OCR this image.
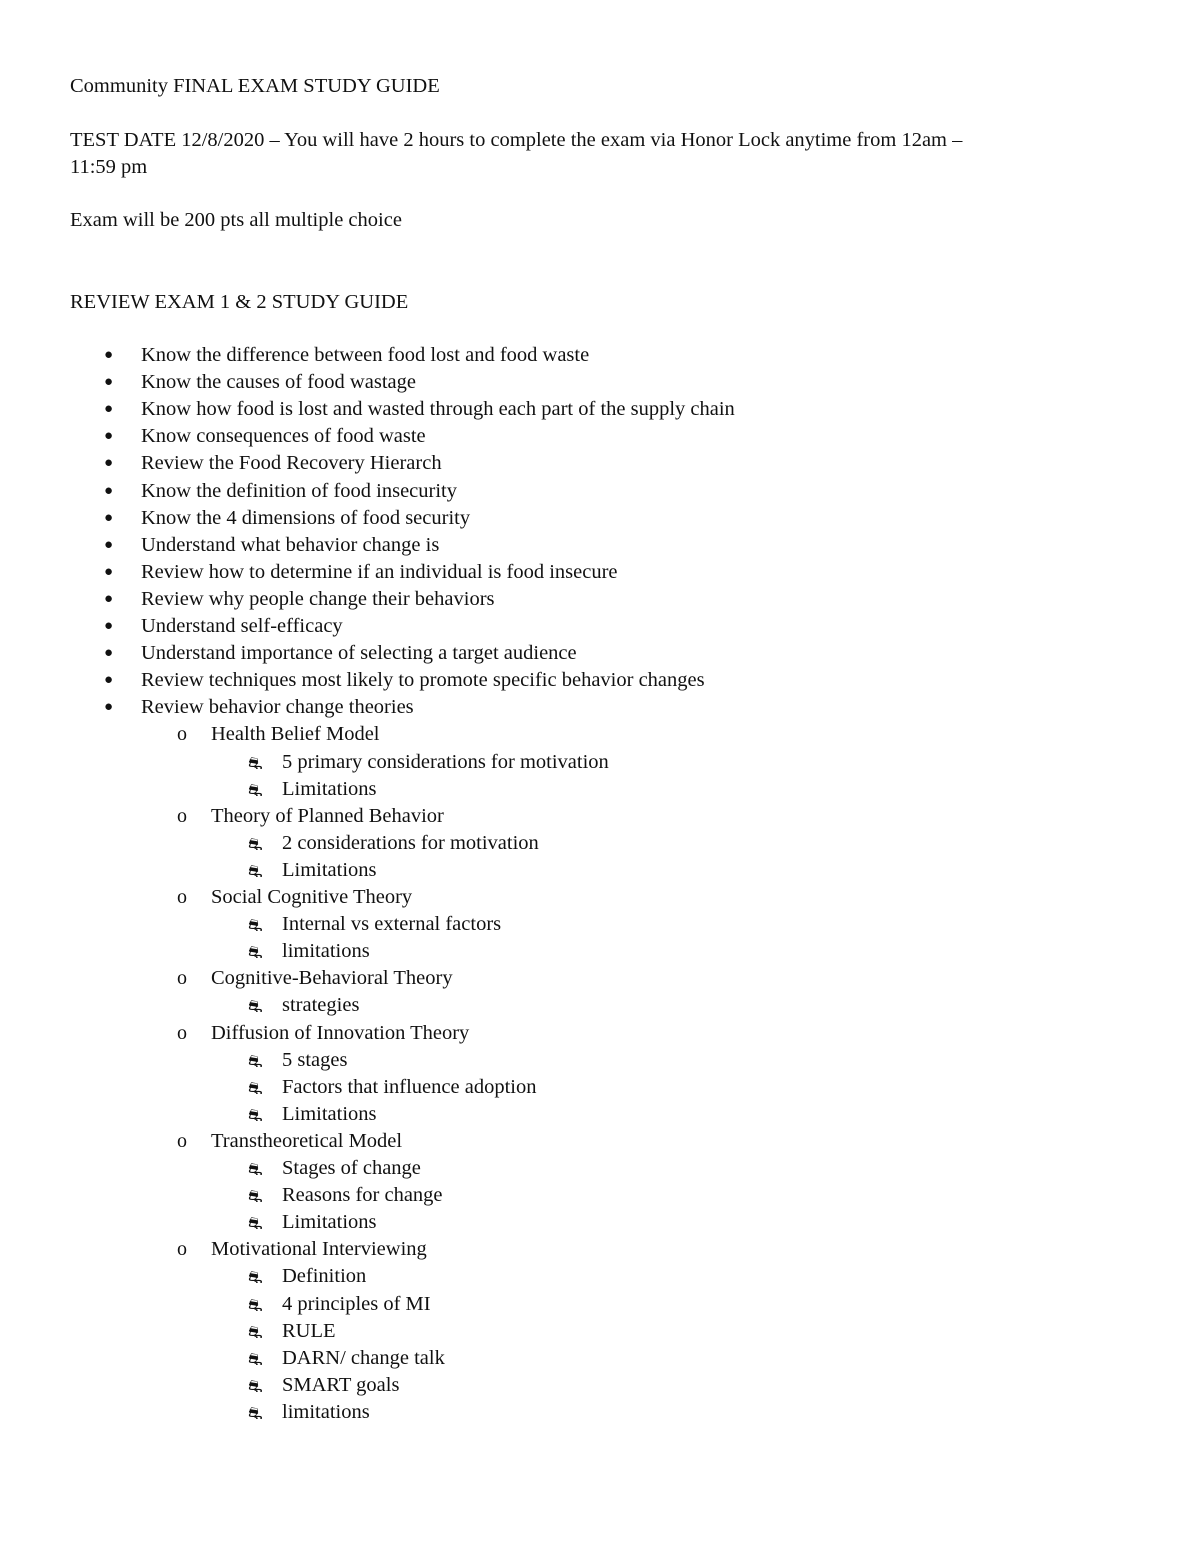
Community FINAL EXAM STUDY GUIDE
TEST DATE 12/8/2020 – You will have 2 hours to complete the exam via Honor Lock anytime from 12am –
11:59 pm
Exam will be 200 pts all multiple choice
REVIEW EXAM 1 & 2 STUDY GUIDE
● Know the difference between food lost and food waste
● Know the causes of food wastage
● Know how food is lost and wasted through each part of the supply chain
● Know consequences of food waste
● Review the Food Recovery Hierarch
● Know the definition of food insecurity
● Know the 4 dimensions of food security
● Understand what behavior change is
● Review how to determine if an individual is food insecure
● Review why people change their behaviors
● Understand self-efficacy
● Understand importance of selecting a target audience
● Review techniques most likely to promote specific behavior changes
● Review behavior change theories
o Health Belief Model
⛐ 5 primary considerations for motivation
⛐ Limitations
o Theory of Planned Behavior
⛐ 2 considerations for motivation
⛐ Limitations
o Social Cognitive Theory
⛐ Internal vs external factors
⛐ limitations
o Cognitive-Behavioral Theory
⛐ strategies
o Diffusion of Innovation Theory
⛐ 5 stages
⛐ Factors that influence adoption
⛐ Limitations
o Transtheoretical Model
⛐ Stages of change
⛐ Reasons for change
⛐ Limitations
o Motivational Interviewing
⛐ Definition
⛐ 4 principles of MI
⛐ RULE
⛐ DARN/ change talk
⛐ SMART goals
⛐ limitations
